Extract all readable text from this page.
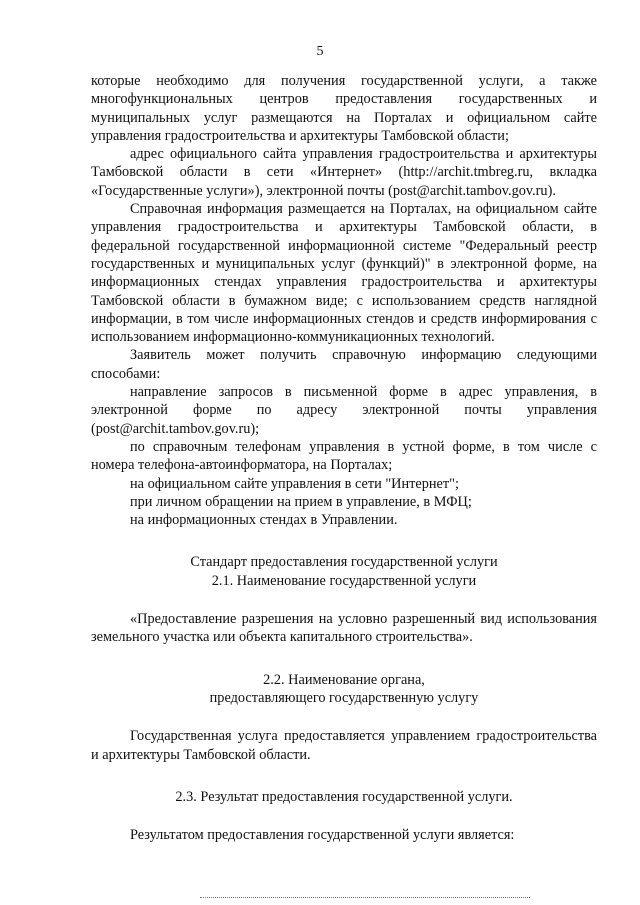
5

которые необходимо для получения государственной услуги, а также многофункциональных центров предоставления государственных и муниципальных услуг размещаются на Порталах и официальном сайте управления градостроительства и архитектуры Тамбовской области;

адрес официального сайта управления градостроительства и архитектуры Тамбовской области в сети «Интернет» (http://archit.tmbreg.ru, вкладка «Государственные услуги»), электронной почты (post@archit.tambov.gov.ru).

Справочная информация размещается на Порталах, на официальном сайте управления градостроительства и архитектуры Тамбовской области, в федеральной государственной информационной системе "Федеральный реестр государственных и муниципальных услуг (функций)" в электронной форме, на информационных стендах управления градостроительства и архитектуры Тамбовской области в бумажном виде; с использованием средств наглядной информации, в том числе информационных стендов и средств информирования с использованием информационно-коммуникационных технологий.

Заявитель может получить справочную информацию следующими способами:

направление запросов в письменной форме в адрес управления, в электронной форме по адресу электронной почты управления (post@archit.tambov.gov.ru);

по справочным телефонам управления в устной форме, в том числе с номера телефона-автоинформатора, на Порталах;

на официальном сайте управления в сети "Интернет";

при личном обращении на прием в управление, в МФЦ;

на информационных стендах в Управлении.

Стандарт предоставления государственной услуги

2.1. Наименование государственной услуги

«Предоставление разрешения на условно разрешенный вид использования земельного участка или объекта капитального строительства».

2.2. Наименование органа,

предоставляющего государственную услугу

Государственная услуга предоставляется управлением градостроительства и архитектуры Тамбовской области.

2.3. Результат предоставления государственной услуги.

Результатом предоставления государственной услуги является:
